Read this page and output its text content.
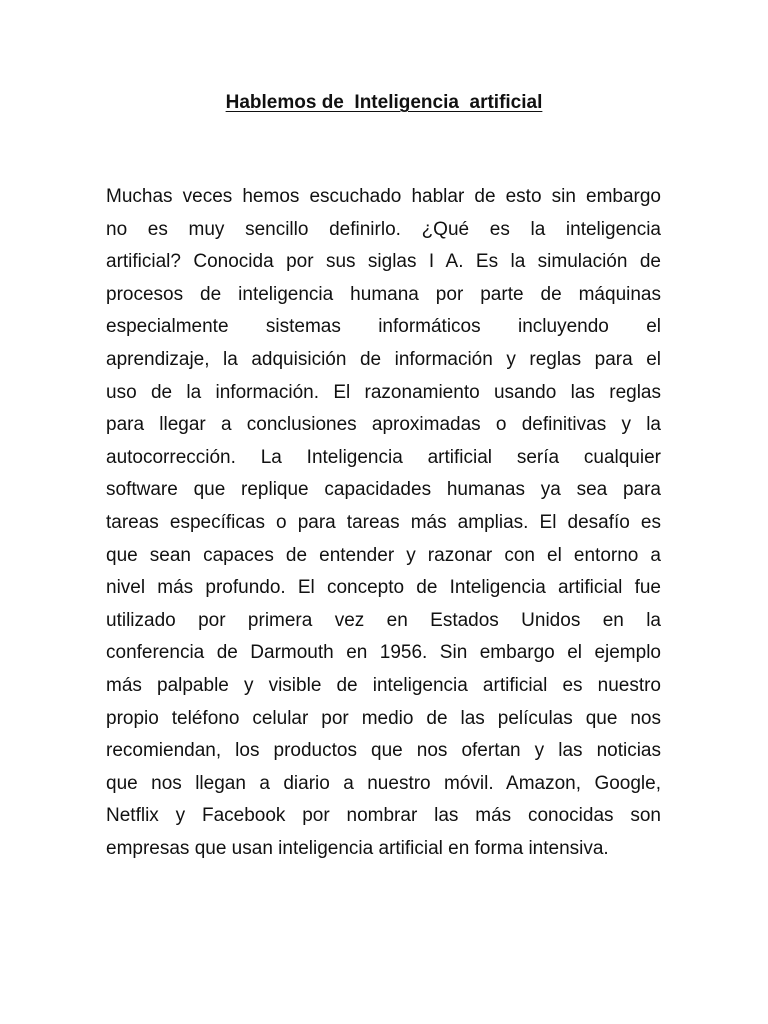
Hablemos de  Inteligencia  artificial
Muchas veces hemos escuchado hablar de esto sin embargo
no es muy sencillo definirlo. ¿Qué es la inteligencia
artificial? Conocida por sus siglas I A. Es la simulación de
procesos de inteligencia humana por parte de máquinas
especialmente sistemas informáticos incluyendo el
aprendizaje, la adquisición de información y reglas para el
uso de la información. El razonamiento usando las reglas
para llegar a conclusiones aproximadas o definitivas y la
autocorrección. La Inteligencia artificial sería cualquier
software que replique capacidades humanas ya sea para
tareas específicas o para tareas más amplias. El desafío es
que sean capaces de entender y razonar con el entorno a
nivel más profundo. El concepto de Inteligencia artificial fue
utilizado por primera vez en Estados Unidos en la
conferencia de Darmouth en 1956. Sin embargo el ejemplo
más palpable y visible de inteligencia artificial es nuestro
propio teléfono celular por medio de las películas que nos
recomiendan, los productos que nos ofertan y las noticias
que nos llegan a diario a nuestro móvil. Amazon, Google,
Netflix y Facebook por nombrar las más conocidas son
empresas que usan inteligencia artificial en forma intensiva.
